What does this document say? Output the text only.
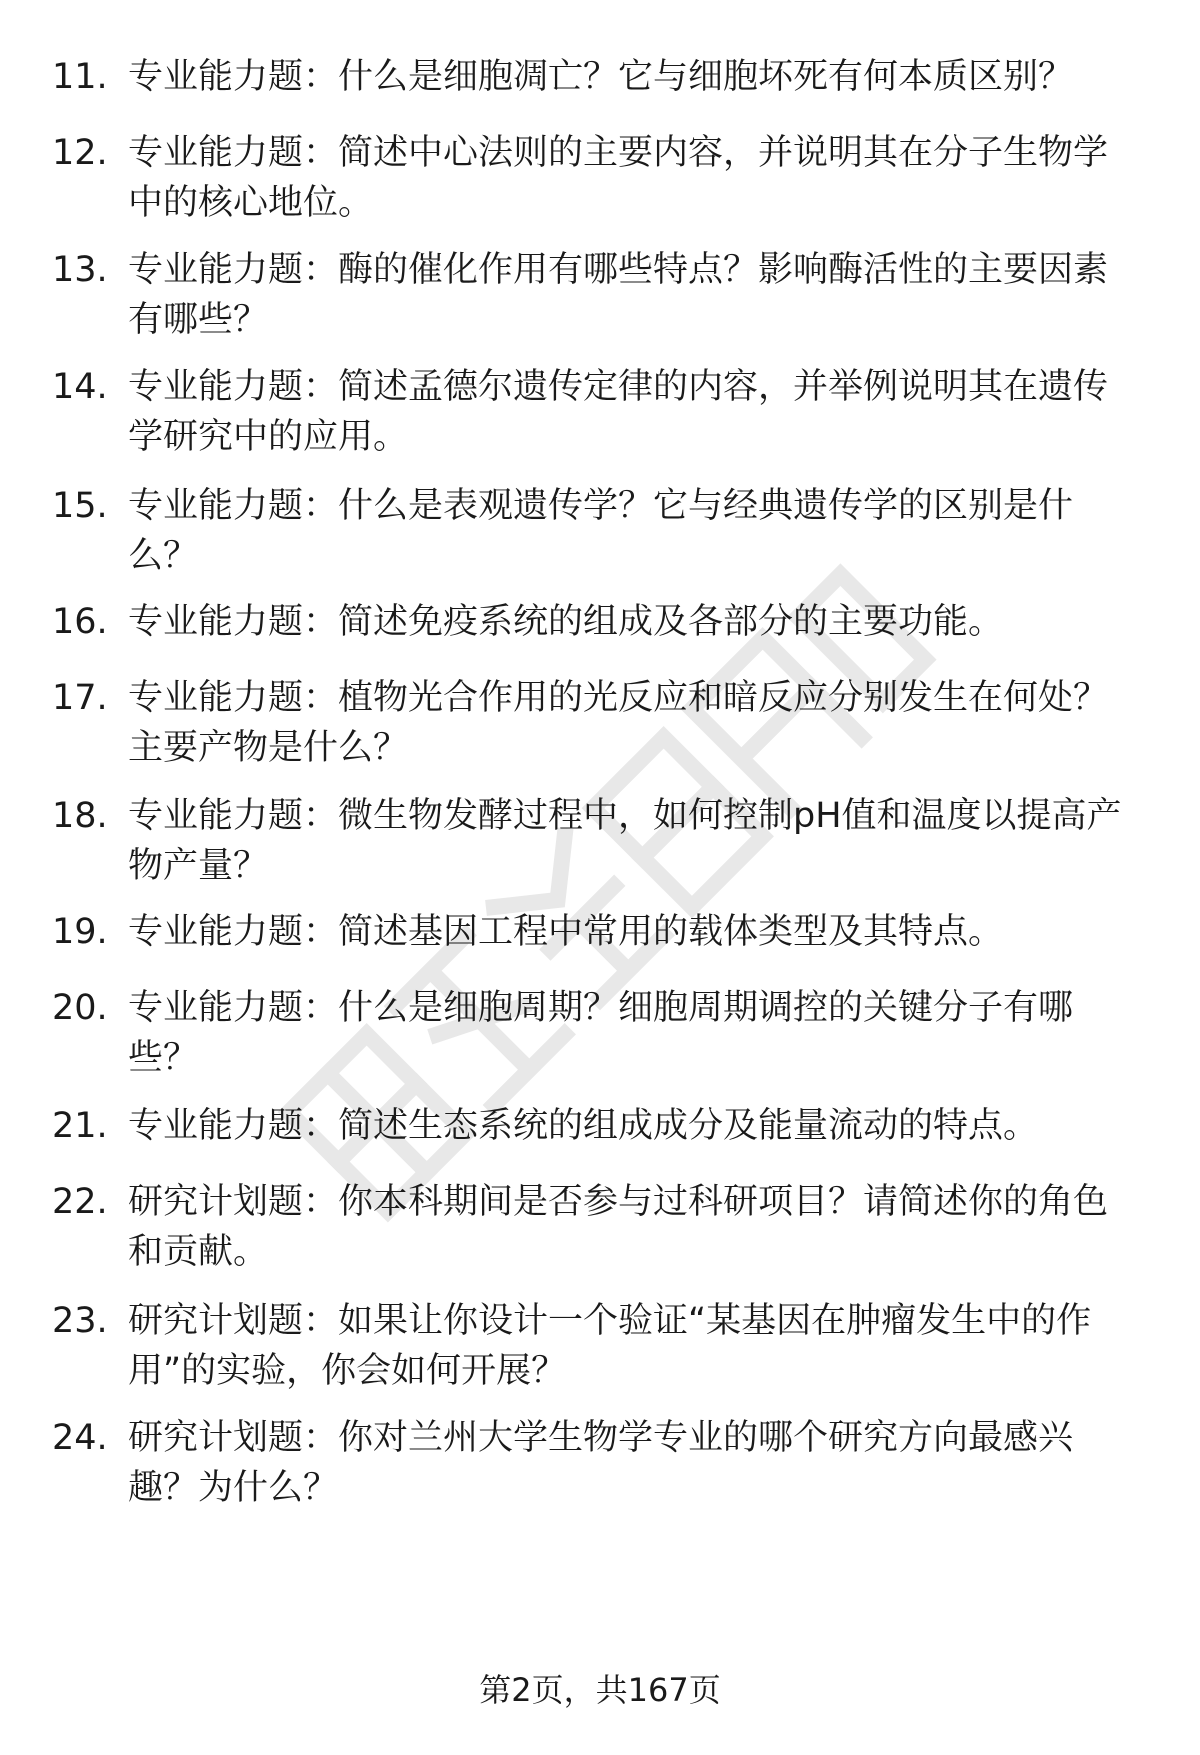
11. 专业能力题：什么是细胞凋亡？它与细胞坏死有何本质区别？
12. 专业能力题：简述中心法则的主要内容，并说明其在分子生物学
中的核心地位。
13. 专业能力题：酶的催化作用有哪些特点？影响酶活性的主要因素
有哪些？
14. 专业能力题：简述孟德尔遗传定律的内容，并举例说明其在遗传
学研究中的应用。
15. 专业能力题：什么是表观遗传学？它与经典遗传学的区别是什
么？
16. 专业能力题：简述免疫系统的组成及各部分的主要功能。
17. 专业能力题：植物光合作用的光反应和暗反应分别发生在何处？
主要产物是什么？
18. 专业能力题：微生物发酵过程中，如何控制pH值和温度以提高产
物产量？
19. 专业能力题：简述基因工程中常用的载体类型及其特点。
20. 专业能力题：什么是细胞周期？细胞周期调控的关键分子有哪
些？
21. 专业能力题：简述生态系统的组成成分及能量流动的特点。
22. 研究计划题：你本科期间是否参与过科研项目？请简述你的角色
和贡献。
23. 研究计划题：如果让你设计一个验证“某基因在肿瘤发生中的作
用”的实验，你会如何开展？
24. 研究计划题：你对兰州大学生物学专业的哪个研究方向最感兴
趣？为什么？
第2页，共167页
